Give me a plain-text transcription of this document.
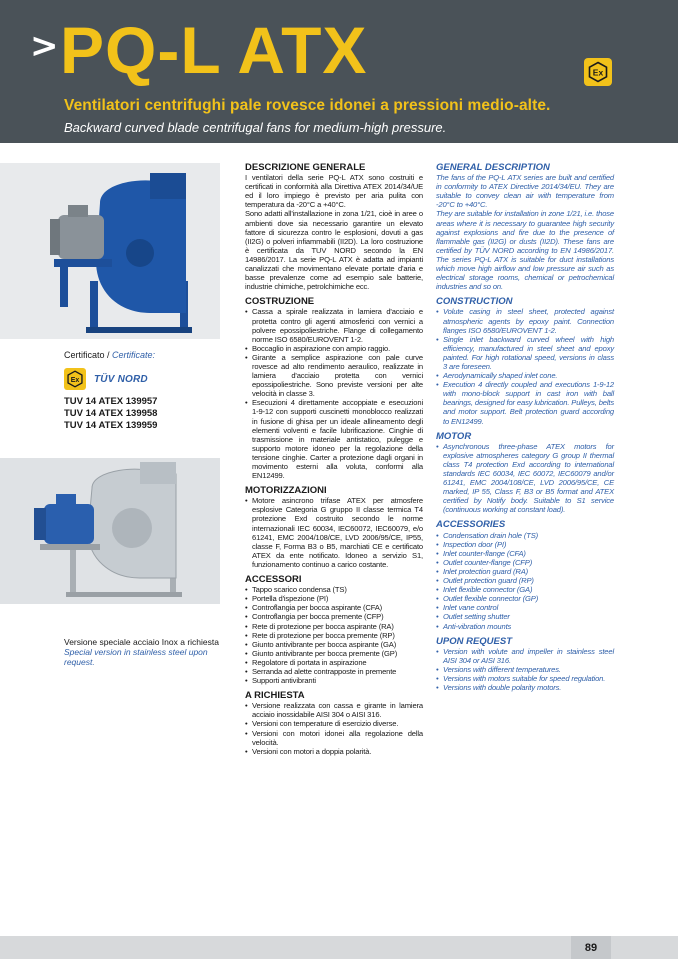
> PQ-L ATX	Ex
Ventilatori centrifughi pale rovesce idonei a pressioni medio-alte.
Backward curved blade centrifugal fans for medium-high pressure.
Certificato / Certificate:
Ex TÜV NORD
TUV 14 ATEX 139957
TUV 14 ATEX 139958
TUV 14 ATEX 139959
Versione speciale acciaio Inox a richiesta
Special version in stainless steel upon request.
DESCRIZIONE GENERALE

I ventilatori della serie PQ-L ATX sono costruiti e certificati in conformità alla Direttiva ATEX 2014/34/UE ed il loro impiego è previsto per aria pulita con temperatura da -20°C a +40°C.

Sono adatti all'installazione in zona 1/21, cioè in aree o ambienti dove sia necessario garantire un elevato fattore di sicurezza contro le esplosioni, dovuti a gas (II2G) o polveri infiammabili (II2D). La loro costruzione è certificata da TUV NORD secondo la EN 14986/2017. La serie PQ-L ATX è adatta ad impianti canalizzati che movimentano elevate portate d'aria e basse prevalenze come ad esempio sale batterie, industrie chimiche, petrolchimiche ecc.

COSTRUZIONE
• Cassa a spirale realizzata in lamiera d'acciaio e protetta contro gli agenti atmosferici con vernici a polvere epossipoliestriche. Flange di collegamento norme ISO 6580/EUROVENT 1-2.
• Boccaglio in aspirazione con ampio raggio.
• Girante a semplice aspirazione con pale curve rovesce ad alto rendimento aeraulico, realizzate in lamiera d'acciaio protetta con vernici epossipoliestriche. Sono previste versioni per alte velocità in classe 3.
• Esecuzioni 4 direttamente accoppiate e esecuzioni 1-9-12 con supporti cuscinetti monoblocco realizzati in fusione di ghisa per un ideale allineamento degli elementi volventi e facile lubrificazione. Cinghie di trasmissione in materiale antistatico, pulegge e supporto motore idoneo per la regolazione della tensione cinghie. Carter a protezione dagli organi in movimento esterni alla voluta, conformi alla EN12499.
MOTORIZZAZIONI
• Motore asincrono trifase ATEX per atmosfere esplosive Categoria G gruppo II classe termica T4 protezione Exd costruito secondo le norme internazionali IEC 60034, IEC60072, IEC60079, e/o 61241, EMC 2004/108/CE, LVD 2006/95/CE, IP55, classe F, Forma B3 o B5, marchiati CE e certificato ATEX da ente notificato. Idoneo a servizio S1, funzionamento continuo a carico costante.
ACCESSORI
• Tappo scarico condensa (TS)
• Portella d'ispezione (PI)
• Controflangia per bocca aspirante (CFA)
• Controflangia per bocca premente (CFP)
• Rete di protezione per bocca aspirante (RA)
• Rete di protezione per bocca premente (RP)
• Giunto antivibrante per bocca aspirante (GA)
• Giunto antivibrante per bocca premente (GP)
• Regolatore di portata in aspirazione
• Serranda ad alette contrapposte in premente
• Supporti antivibranti
A RICHIESTA
• Versione realizzata con cassa e girante in lamiera acciaio inossidabile AISI 304 o AISI 316.
• Versioni con temperature di esercizio diverse.
• Versioni con motori idonei alla regolazione della velocità.
• Versioni con motori a doppia polarità.
GENERAL DESCRIPTION

The fans of the PQ-L ATX series are built and certified in conformity to ATEX Directive 2014/34/EU. They are suitable to convey clean air with temperature from -20°C to +40°C.

They are suitable for installation in zone 1/21, i.e. those areas where it is necessary to guarantee high security against explosions and fire due to the presence of flammable gas (II2G) or dusts (II2D). These fans are certified by TÜV NORD according to EN 14986/2017. The series PQ-L ATX is suitable for duct installations which move high airflow and low pressure air such as electrical storage rooms, chemical or petrochemical industries and so on.

CONSTRUCTION
• Volute casing in steel sheet, protected against atmospheric agents by epoxy paint. Connection flanges ISO 6580/EUROVENT 1-2.
• Single inlet backward curved wheel with high efficiency, manufactured in steel sheet and epoxy painted. For high rotational speed, versions in class 3 are foreseen.
• Aerodynamically shaped inlet cone.
• Execution 4 directly coupled and executions 1-9-12 with mono-block support in cast iron with ball bearings, designed for easy lubrication. Pulleys, belts and motor support. Belt protection guard according to EN12499.
MOTOR
• Asynchronous three-phase ATEX motors for explosive atmospheres category G group II thermal class T4 protection Exd according to international standards IEC 60034, IEC 60072, IEC60079 and/or 61241, EMC 2004/108/CE, LVD 2006/95/CE, CE marked, IP 55, Class F, B3 or B5 format and ATEX certified by Notify body. Suitable to S1 service (continuous working at constant load).
ACCESSORIES
• Condensation drain hole (TS)
• Inspection door (PI)
• Inlet counter-flange (CFA)
• Outlet counter-flange (CFP)
• Inlet protection guard (RA)
• Outlet protection guard (RP)
• Inlet flexible connector (GA)
• Outlet flexible connector (GP)
• Inlet vane control
• Outlet setting shutter
• Anti-vibration mounts
UPON REQUEST
• Version with volute and impeller in stainless steel AISI 304 or AISI 316.
• Versions with different temperatures.
• Versions with motors suitable for speed regulation.
• Versions with double polarity motors.
89
